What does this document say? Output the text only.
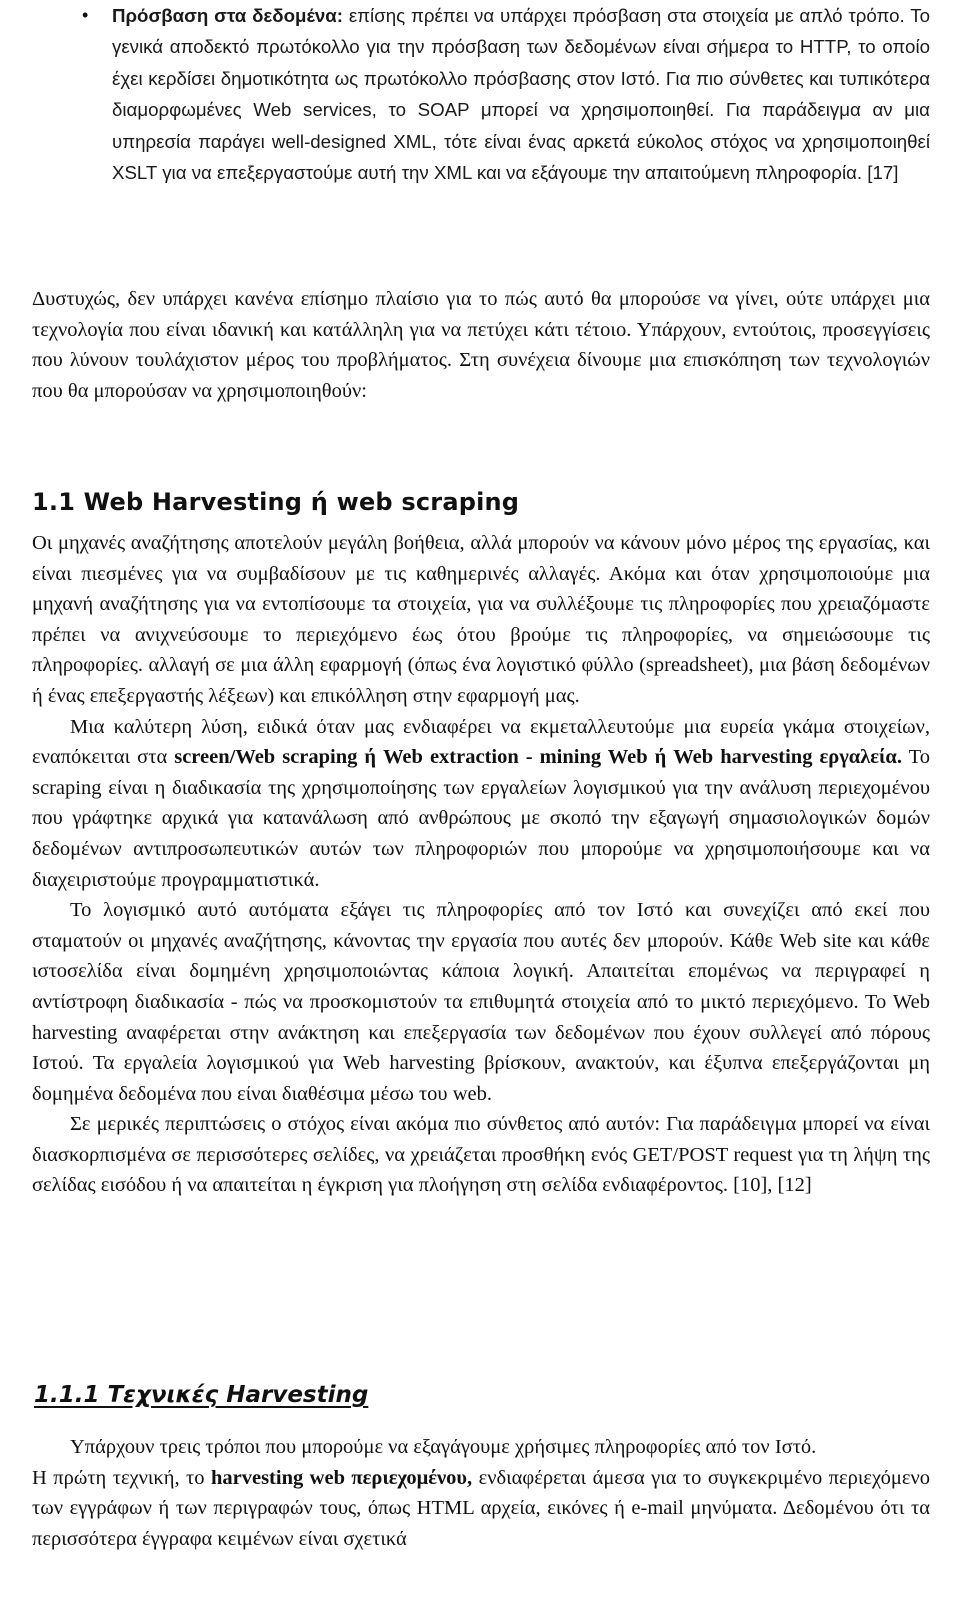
• Πρόσβαση στα δεδομένα: επίσης πρέπει να υπάρχει πρόσβαση στα στοιχεία με απλό τρόπο. Το γενικά αποδεκτό πρωτόκολλο για την πρόσβαση των δεδομένων είναι σήμερα το HTTP, το οποίο έχει κερδίσει δημοτικότητα ως πρωτόκολλο πρόσβασης στον Ιστό. Για πιο σύνθετες και τυπικότερα διαμορφωμένες Web services, το SOAP μπορεί να χρησιμοποιηθεί. Για παράδειγμα αν μια υπηρεσία παράγει well-designed XML, τότε είναι ένας αρκετά εύκολος στόχος να χρησιμοποιηθεί XSLT για να επεξεργαστούμε αυτή την XML και να εξάγουμε την απαιτούμενη πληροφορία. [17]

Δυστυχώς, δεν υπάρχει κανένα επίσημο πλαίσιο για το πώς αυτό θα μπορούσε να γίνει, ούτε υπάρχει μια τεχνολογία που είναι ιδανική και κατάλληλη για να πετύχει κάτι τέτοιο. Υπάρχουν, εντούτοις, προσεγγίσεις που λύνουν τουλάχιστον μέρος του προβλήματος. Στη συνέχεια δίνουμε μια επισκόπηση των τεχνολογιών που θα μπορούσαν να χρησιμοποιηθούν:

1.1 Web Harvesting ή web scraping

Οι μηχανές αναζήτησης αποτελούν μεγάλη βοήθεια, αλλά μπορούν να κάνουν μόνο μέρος της εργασίας, και είναι πιεσμένες για να συμβαδίσουν με τις καθημερινές αλλαγές. Ακόμα και όταν χρησιμοποιούμε μια μηχανή αναζήτησης για να εντοπίσουμε τα στοιχεία, για να συλλέξουμε τις πληροφορίες που χρειαζόμαστε πρέπει να ανιχνεύσουμε το περιεχόμενο έως ότου βρούμε τις πληροφορίες, να σημειώσουμε τις πληροφορίες. αλλαγή σε μια άλλη εφαρμογή (όπως ένα λογιστικό φύλλο (spreadsheet), μια βάση δεδομένων ή ένας επεξεργαστής λέξεων) και επικόλληση στην εφαρμογή μας.

Μια καλύτερη λύση, ειδικά όταν μας ενδιαφέρει να εκμεταλλευτούμε μια ευρεία γκάμα στοιχείων, εναπόκειται στα screen/Web scraping ή Web extraction - mining Web ή Web harvesting εργαλεία. Το scraping είναι η διαδικασία της χρησιμοποίησης των εργαλείων λογισμικού για την ανάλυση περιεχομένου που γράφτηκε αρχικά για κατανάλωση από ανθρώπους με σκοπό την εξαγωγή σημασιολογικών δομών δεδομένων αντιπροσωπευτικών αυτών των πληροφοριών που μπορούμε να χρησιμοποιήσουμε και να διαχειριστούμε προγραμματιστικά.

Το λογισμικό αυτό αυτόματα εξάγει τις πληροφορίες από τον Ιστό και συνεχίζει από εκεί που σταματούν οι μηχανές αναζήτησης, κάνοντας την εργασία που αυτές δεν μπορούν. Κάθε Web site και κάθε ιστοσελίδα είναι δομημένη χρησιμοποιώντας κάποια λογική. Απαιτείται επομένως να περιγραφεί η αντίστροφη διαδικασία - πώς να προσκομιστούν τα επιθυμητά στοιχεία από το μικτό περιεχόμενο. Το Web harvesting αναφέρεται στην ανάκτηση και επεξεργασία των δεδομένων που έχουν συλλεγεί από πόρους Ιστού. Τα εργαλεία λογισμικού για Web harvesting βρίσκουν, ανακτούν, και έξυπνα επεξεργάζονται μη δομημένα δεδομένα που είναι διαθέσιμα μέσω του web.

Σε μερικές περιπτώσεις ο στόχος είναι ακόμα πιο σύνθετος από αυτόν: Για παράδειγμα μπορεί να είναι διασκορπισμένα σε περισσότερες σελίδες, να χρειάζεται προσθήκη ενός GET/POST request για τη λήψη της σελίδας εισόδου ή να απαιτείται η έγκριση για πλοήγηση στη σελίδα ενδιαφέροντος. [10], [12]

1.1.1 Τεχνικές Harvesting

Υπάρχουν τρεις τρόποι που μπορούμε να εξαγάγουμε χρήσιμες πληροφορίες από τον Ιστό.

Η πρώτη τεχνική, το harvesting web περιεχομένου, ενδιαφέρεται άμεσα για το συγκεκριμένο περιεχόμενο των εγγράφων ή των περιγραφών τους, όπως HTML αρχεία, εικόνες ή e-mail μηνύματα. Δεδομένου ότι τα περισσότερα έγγραφα κειμένων είναι σχετικά
